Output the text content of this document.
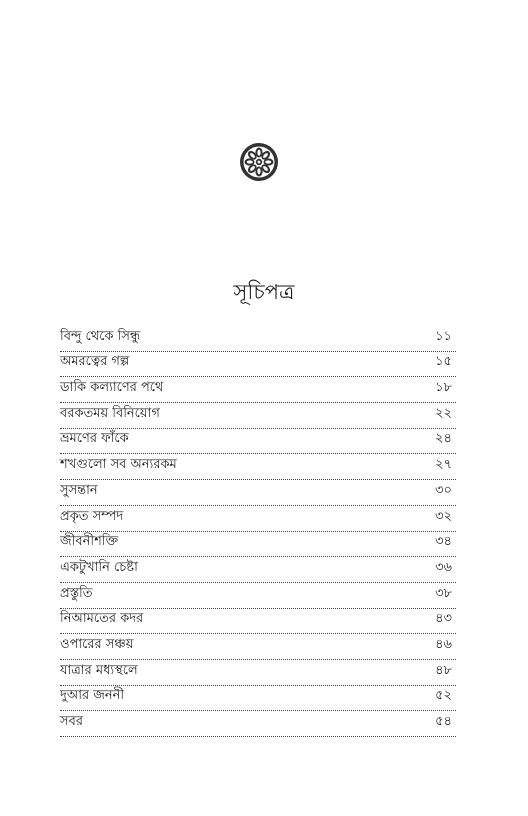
সূচিপত্র
বিন্দু থেকে সিন্ধু	১১
অমরত্বের গল্প	১৫
ডাকি কল্যাণের পথে	১৮
বরকতময় বিনিয়োগ	২২
ভ্রমণের ফাঁকে	২৪
শখগুলো সব অন্যরকম	২৭
সুসন্তান	৩০
প্রকৃত সম্পদ	৩২
জীবনীশক্তি	৩৪
একটুখানি চেষ্টা	৩৬
প্রস্তুতি	৩৮
নিআমতের কদর	৪৩
ওপারের সঞ্চয়	৪৬
যাত্রার মধ্যস্থলে	৪৮
দুআর জননী	৫২
সবর	৫৪
